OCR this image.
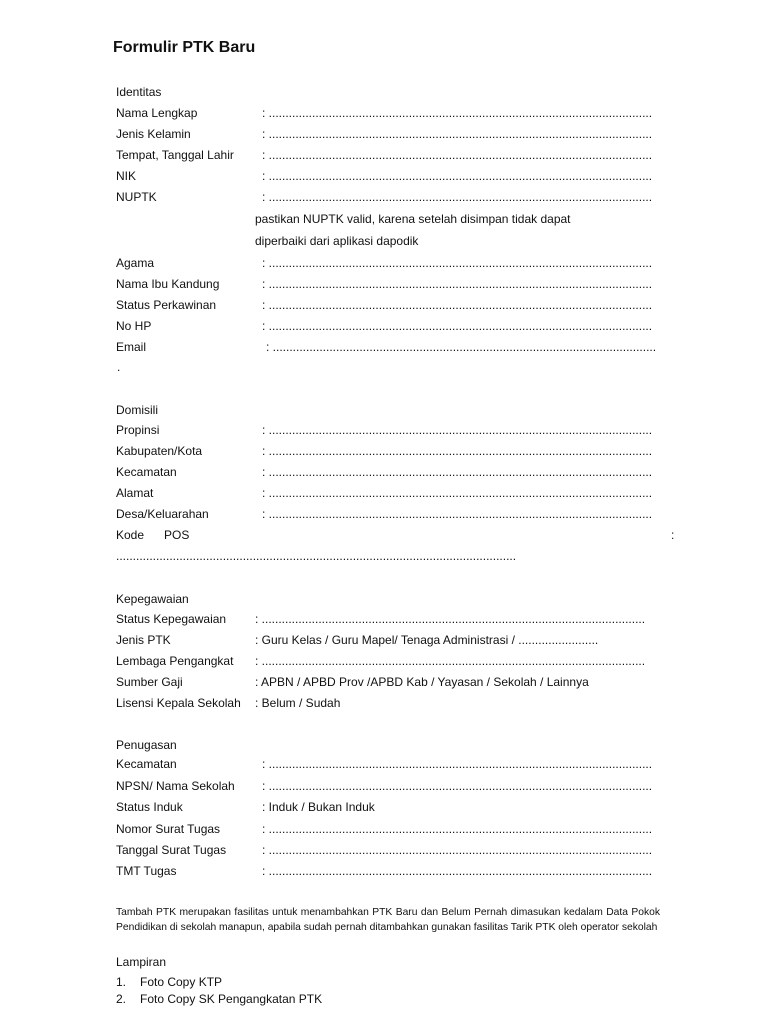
Formulir PTK Baru
Identitas
Nama Lengkap	: ...................................................................................................................
Jenis Kelamin	: ...................................................................................................................
Tempat, Tanggal Lahir : ...................................................................................................................
NIK	: ...................................................................................................................
NUPTK	: ...................................................................................................................
pastikan NUPTK valid, karena setelah disimpan tidak dapat
diperbaiki dari aplikasi dapodik
Agama	: ...................................................................................................................
Nama Ibu Kandung	: ...................................................................................................................
Status Perkawinan	: ...................................................................................................................
No HP	: ...................................................................................................................
Email	: ...................................................................................................................
.
Domisili
Propinsi	: ...................................................................................................................
Kabupaten/Kota	: ...................................................................................................................
Kecamatan	: ...................................................................................................................
Alamat	: ...................................................................................................................
Desa/Keluarahan	: ...................................................................................................................
Kode      POS	:
........................................................................................................................
Kepegawaian
Status Kepegawaian : ...................................................................................................................
Jenis PTK	: Guru Kelas / Guru Mapel/ Tenaga Administrasi / ........................
Lembaga Pengangkat : ...................................................................................................................
Sumber Gaji	: APBN / APBD Prov /APBD Kab / Yayasan / Sekolah / Lainnya
Lisensi Kepala Sekolah : Belum / Sudah
Penugasan
Kecamatan	: ...................................................................................................................
NPSN/ Nama Sekolah : ...................................................................................................................
Status Induk	: Induk / Bukan Induk
Nomor Surat Tugas	: ...................................................................................................................
Tanggal Surat Tugas	: ...................................................................................................................
TMT Tugas	: ...................................................................................................................
Tambah PTK merupakan fasilitas untuk menambahkan PTK Baru dan Belum Pernah dimasukan kedalam Data Pokok Pendidikan di sekolah manapun, apabila sudah pernah ditambahkan gunakan fasilitas Tarik PTK oleh operator sekolah
Lampiran
1. Foto Copy KTP
2. Foto Copy SK Pengangkatan PTK
